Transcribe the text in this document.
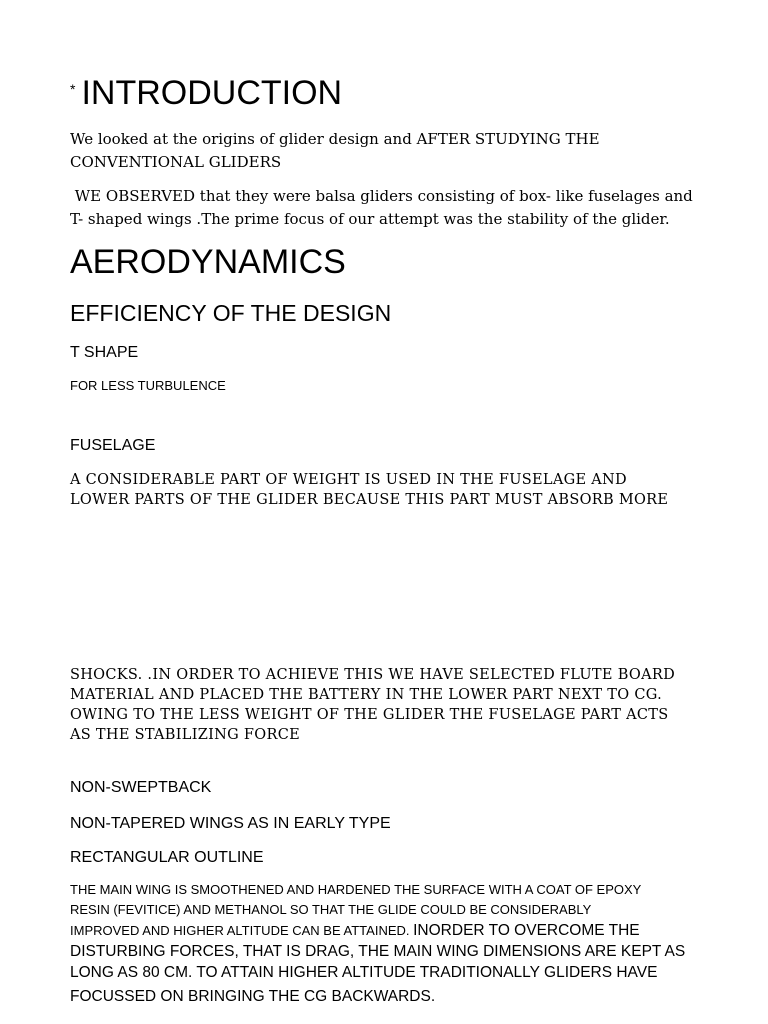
* INTRODUCTION
We looked at the origins of glider design and AFTER STUDYING THE
CONVENTIONAL GLIDERS
WE OBSERVED that they were balsa gliders consisting of box- like fuselages and
T- shaped wings .The prime focus of our attempt was the stability of the glider.
AERODYNAMICS
EFFICIENCY OF THE DESIGN
T SHAPE
FOR LESS TURBULENCE
FUSELAGE
A CONSIDERABLE PART OF WEIGHT IS USED IN THE FUSELAGE AND
LOWER PARTS OF THE GLIDER BECAUSE THIS PART MUST ABSORB MORE
SHOCKS. .IN ORDER TO ACHIEVE THIS WE HAVE SELECTED FLUTE BOARD
MATERIAL AND PLACED THE BATTERY IN THE LOWER PART NEXT TO CG.
OWING TO THE LESS WEIGHT OF THE GLIDER THE FUSELAGE PART ACTS
AS THE STABILIZING FORCE
NON-SWEPTBACK
NON-TAPERED WINGS AS IN EARLY TYPE
RECTANGULAR OUTLINE
THE MAIN WING IS SMOOTHENED AND HARDENED THE SURFACE WITH A COAT OF EPOXY
RESIN (FEVITICE) AND METHANOL SO THAT THE GLIDE COULD BE CONSIDERABLY
IMPROVED AND HIGHER ALTITUDE CAN BE ATTAINED. INORDER TO OVERCOME THE
DISTURBING FORCES, THAT IS DRAG, THE MAIN WING DIMENSIONS ARE KEPT AS
LONG AS 80 CM. TO ATTAIN HIGHER ALTITUDE TRADITIONALLY GLIDERS HAVE
FOCUSSED ON BRINGING THE CG BACKWARDS.
